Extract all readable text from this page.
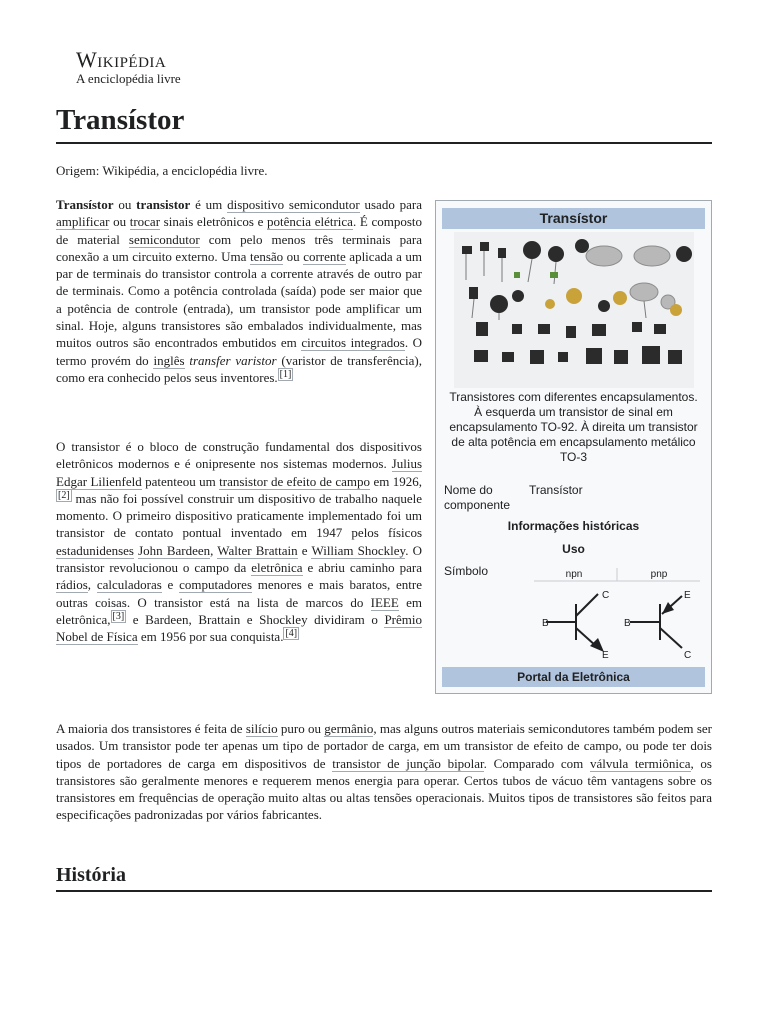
Wikipédia
A enciclopédia livre
Transístor
Origem: Wikipédia, a enciclopédia livre.

Transístor ou transistor é um dispositivo semicondutor usado para amplificar ou trocar sinais eletrônicos e potência elétrica. É composto de material semicondutor com pelo menos três terminais para conexão a um circuito externo. Uma tensão ou corrente aplicada a um par de terminais do transistor controla a corrente através de outro par de terminais. Como a potência controlada (saída) pode ser maior que a potência de controle (entrada), um transistor pode amplificar um sinal. Hoje, alguns transistores são embalados individualmente, mas muitos outros são encontrados embutidos em circuitos integrados. O termo provém do inglês transfer varistor (varistor de transferência), como era conhecido pelos seus inventores. [1]

O transistor é o bloco de construção fundamental dos dispositivos eletrônicos modernos e é onipresente nos sistemas modernos. Julius Edgar Lilienfeld patenteou um transistor de efeito de campo em 1926,[2] mas não foi possível construir um dispositivo de trabalho naquele momento. O primeiro dispositivo praticamente implementado foi um transistor de contato pontual inventado em 1947 pelos físicos estadunidenses John Bardeen, Walter Brattain e William Shockley. O transistor revolucionou o campo da eletrônica e abriu caminho para rádios, calculadoras e computadores menores e mais baratos, entre outras coisas. O transistor está na lista de marcos do IEEE em eletrônica, [3] e Bardeen, Brattain e Shockley dividiram o Prêmio Nobel de Física em 1956 por sua conquista. [4]

Transístor
Transistores com diferentes encapsulamentos. À esquerda um transistor de sinal em encapsulamento TO-92. À direita um transistor de alta potência em encapsulamento metálico TO-3
Nome do componente
Transístor
Informações históricas
Uso
Símbolo	npn	pnp
B
C
E
B
E
C
Portal da Eletrônica

A maioria dos transistores é feita de silício puro ou germânio, mas alguns outros materiais semicondutores também podem ser usados. Um transistor pode ter apenas um tipo de portador de carga, em um transistor de efeito de campo, ou pode ter dois tipos de portadores de carga em dispositivos de transistor de junção bipolar. Comparado com válvula termiônica, os transistores são geralmente menores e requerem menos energia para operar. Certos tubos de vácuo têm vantagens sobre os transistores em frequências de operação muito altas ou altas tensões operacionais. Muitos tipos de transistores são feitos para especificações padronizadas por vários fabricantes.

História
